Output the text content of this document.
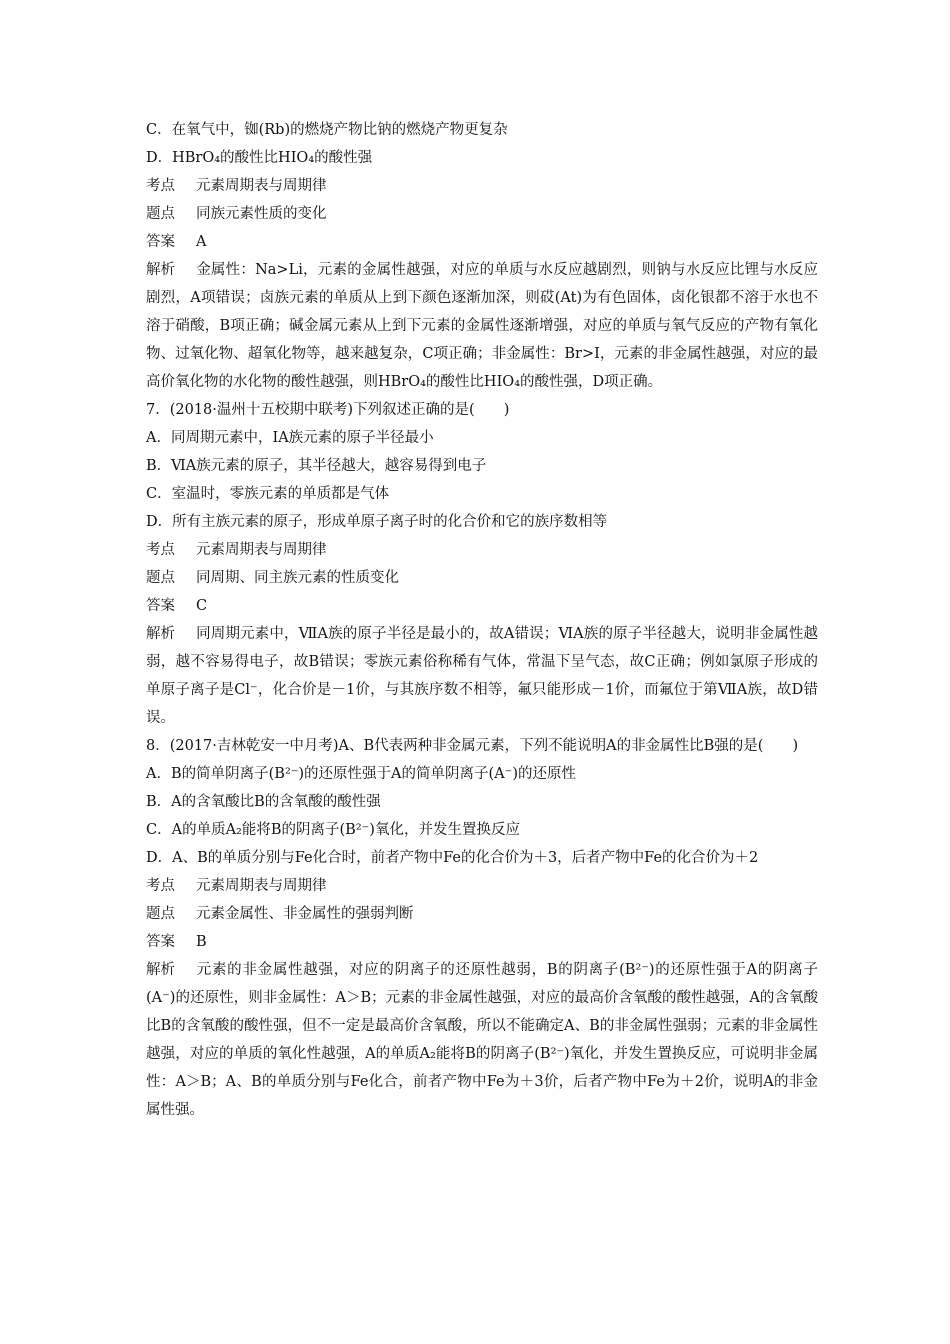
C．在氧气中，铷(Rb)的燃烧产物比钠的燃烧产物更复杂
D．HBrO₄的酸性比HIO₄的酸性强
考点 元素周期表与周期律
题点 同族元素性质的变化
答案 A
解析 金属性：Na>Li，元素的金属性越强，对应的单质与水反应越剧烈，则钠与水反应比锂与水反应剧烈，A项错误；卤族元素的单质从上到下颜色逐渐加深，则砹(At)为有色固体，卤化银都不溶于水也不溶于硝酸，B项正确；碱金属元素从上到下元素的金属性逐渐增强，对应的单质与氧气反应的产物有氧化物、过氧化物、超氧化物等，越来越复杂，C项正确；非金属性：Br>I，元素的非金属性越强，对应的最高价氧化物的水化物的酸性越强，则HBrO₄的酸性比HIO₄的酸性强，D项正确。
7．(2018·温州十五校期中联考)下列叙述正确的是(　　)
A．同周期元素中，ⅠA族元素的原子半径最小
B．ⅥA族元素的原子，其半径越大，越容易得到电子
C．室温时，零族元素的单质都是气体
D．所有主族元素的原子，形成单原子离子时的化合价和它的族序数相等
考点 元素周期表与周期律
题点 同周期、同主族元素的性质变化
答案 C
解析 同周期元素中，ⅦA族的原子半径是最小的，故A错误；ⅥA族的原子半径越大，说明非金属性越弱，越不容易得电子，故B错误；零族元素俗称稀有气体，常温下呈气态，故C正确；例如氯原子形成的单原子离子是Cl⁻，化合价是－1价，与其族序数不相等，氟只能形成－1价，而氟位于第ⅦA族，故D错误。
8．(2017·吉林乾安一中月考)A、B代表两种非金属元素，下列不能说明A的非金属性比B强的是(　　)
A．B的简单阴离子(B²⁻)的还原性强于A的简单阴离子(A⁻)的还原性
B．A的含氧酸比B的含氧酸的酸性强
C．A的单质A₂能将B的阴离子(B²⁻)氧化，并发生置换反应
D．A、B的单质分别与Fe化合时，前者产物中Fe的化合价为＋3，后者产物中Fe的化合价为＋2
考点 元素周期表与周期律
题点 元素金属性、非金属性的强弱判断
答案 B
解析 元素的非金属性越强，对应的阴离子的还原性越弱，B的阴离子(B²⁻)的还原性强于A的阴离子(A⁻)的还原性，则非金属性：A＞B；元素的非金属性越强，对应的最高价含氧酸的酸性越强，A的含氧酸比B的含氧酸的酸性强，但不一定是最高价含氧酸，所以不能确定A、B的非金属性强弱；元素的非金属性越强，对应的单质的氧化性越强，A的单质A₂能将B的阴离子(B²⁻)氧化，并发生置换反应，可说明非金属性：A＞B；A、B的单质分别与Fe化合，前者产物中Fe为＋3价，后者产物中Fe为＋2价，说明A的非金属性强。
